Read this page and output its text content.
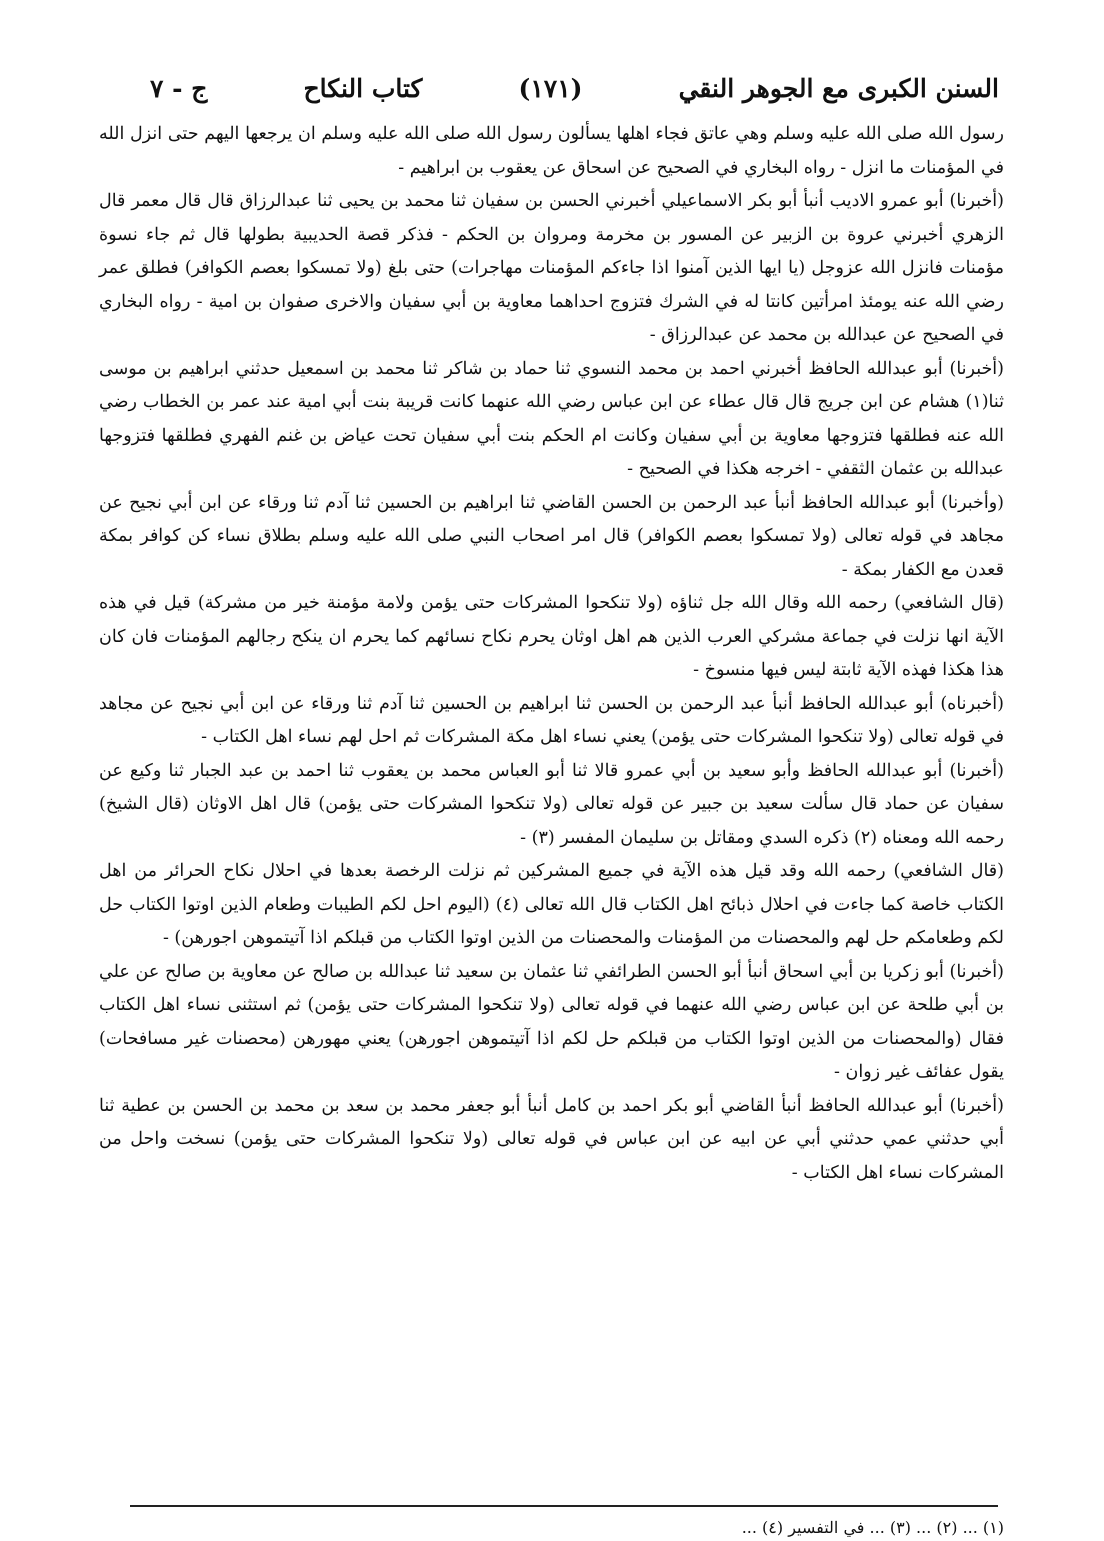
السنن الكبرى مع الجوهر النقي
(١٧١)
كتاب النكاح
ج - ٧

رسول الله صلى الله عليه وسلم وهي عاتق فجاء اهلها يسألون رسول الله صلى الله عليه وسلم ان يرجعها اليهم حتى انزل الله في المؤمنات ما انزل - رواه البخاري في الصحيح عن اسحاق عن يعقوب بن ابراهيم -

(أخبرنا) أبو عمرو الاديب أنبأ أبو بكر الاسماعيلي أخبرني الحسن بن سفيان ثنا محمد بن يحيى ثنا عبدالرزاق قال قال معمر قال الزهري أخبرني عروة بن الزبير عن المسور بن مخرمة ومروان بن الحكم - فذكر قصة الحديبية بطولها قال ثم جاء نسوة مؤمنات فانزل الله عزوجل (يا ايها الذين آمنوا اذا جاءكم المؤمنات مهاجرات) حتى بلغ (ولا تمسكوا بعصم الكوافر) فطلق عمر رضي الله عنه يومئذ امرأتين كانتا له في الشرك فتزوج احداهما معاوية بن أبي سفيان والاخرى صفوان بن امية - رواه البخاري في الصحيح عن عبدالله بن محمد عن عبدالرزاق -

(أخبرنا) أبو عبدالله الحافظ أخبرني احمد بن محمد النسوي ثنا حماد بن شاكر ثنا محمد بن اسمعيل حدثني ابراهيم بن موسى ثنا(١) هشام عن ابن جريج قال قال عطاء عن ابن عباس رضي الله عنهما كانت قريبة بنت أبي امية عند عمر بن الخطاب رضي الله عنه فطلقها فتزوجها معاوية بن أبي سفيان وكانت ام الحكم بنت أبي سفيان تحت عياض بن غنم الفهري فطلقها فتزوجها عبدالله بن عثمان الثقفي - اخرجه هكذا في الصحيح -

(وأخبرنا) أبو عبدالله الحافظ أنبأ عبد الرحمن بن الحسن القاضي ثنا ابراهيم بن الحسين ثنا آدم ثنا ورقاء عن ابن أبي نجيح عن مجاهد في قوله تعالى (ولا تمسكوا بعصم الكوافر) قال امر اصحاب النبي صلى الله عليه وسلم بطلاق نساء كن كوافر بمكة قعدن مع الكفار بمكة -

(قال الشافعي) رحمه الله وقال الله جل ثناؤه (ولا تنكحوا المشركات حتى يؤمن ولامة مؤمنة خير من مشركة) قيل في هذه الآية انها نزلت في جماعة مشركي العرب الذين هم اهل اوثان يحرم نكاح نسائهم كما يحرم ان ينكح رجالهم المؤمنات فان كان هذا هكذا فهذه الآية ثابتة ليس فيها منسوخ -

(أخبرناه) أبو عبدالله الحافظ أنبأ عبد الرحمن بن الحسن ثنا ابراهيم بن الحسين ثنا آدم ثنا ورقاء عن ابن أبي نجيح عن مجاهد في قوله تعالى (ولا تنكحوا المشركات حتى يؤمن) يعني نساء اهل مكة المشركات ثم احل لهم نساء اهل الكتاب -

(أخبرنا) أبو عبدالله الحافظ وأبو سعيد بن أبي عمرو قالا ثنا أبو العباس محمد بن يعقوب ثنا احمد بن عبد الجبار ثنا وكيع عن سفيان عن حماد قال سألت سعيد بن جبير عن قوله تعالى (ولا تنكحوا المشركات حتى يؤمن) قال اهل الاوثان (قال الشيخ) رحمه الله ومعناه (٢) ذكره السدي ومقاتل بن سليمان المفسر (٣) -

(قال الشافعي) رحمه الله وقد قيل هذه الآية في جميع المشركين ثم نزلت الرخصة بعدها في احلال نكاح الحرائر من اهل الكتاب خاصة كما جاءت في احلال ذبائح اهل الكتاب قال الله تعالى (٤) (اليوم احل لكم الطيبات وطعام الذين اوتوا الكتاب حل لكم وطعامكم حل لهم والمحصنات من المؤمنات والمحصنات من الذين اوتوا الكتاب من قبلكم اذا آتيتموهن اجورهن) -

(أخبرنا) أبو زكريا بن أبي اسحاق أنبأ أبو الحسن الطرائفي ثنا عثمان بن سعيد ثنا عبدالله بن صالح عن معاوية بن صالح عن علي بن أبي طلحة عن ابن عباس رضي الله عنهما في قوله تعالى (ولا تنكحوا المشركات حتى يؤمن) ثم استثنى نساء اهل الكتاب فقال (والمحصنات من الذين اوتوا الكتاب من قبلكم حل لكم اذا آتيتموهن اجورهن) يعني مهورهن (محصنات غير مسافحات) يقول عفائف غير زوان -

(أخبرنا) أبو عبدالله الحافظ أنبأ القاضي أبو بكر احمد بن كامل أنبأ أبو جعفر محمد بن سعد بن محمد بن الحسن بن عطية ثنا أبي حدثني عمي حدثني أبي عن ابيه عن ابن عباس في قوله تعالى (ولا تنكحوا المشركات حتى يؤمن) نسخت واحل من المشركات نساء اهل الكتاب -

(١) ... (٢) ... (٣) ... في التفسير (٤) ...
